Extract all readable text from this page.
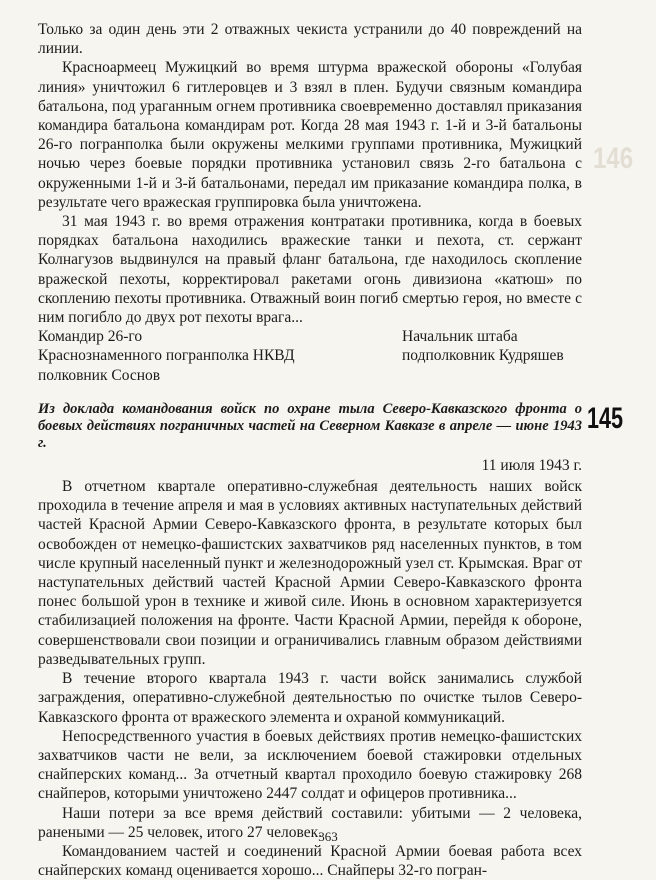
146

Только за один день эти 2 отважных чекиста устранили до 40 повреждений на линии.

Красноармеец Мужицкий во время штурма вражеской обороны «Голубая линия» уничтожил 6 гитлеровцев и 3 взял в плен. Будучи связным командира батальона, под ураганным огнем противника своевременно доставлял приказания командира батальона командирам рот. Когда 28 мая 1943 г. 1-й и 3-й батальоны 26-го погранполка были окружены мелкими группами противника, Мужицкий ночью через боевые порядки противника установил связь 2-го батальона с окруженными 1-й и 3-й батальонами, передал им приказание командира полка, в результате чего вражеская группировка была уничтожена.

31 мая 1943 г. во время отражения контратаки противника, когда в боевых порядках батальона находились вражеские танки и пехота, ст. сержант Колнагузов выдвинулся на правый фланг батальона, где находилось скопление вражеской пехоты, корректировал ракетами огонь дивизиона «катюш» по скоплению пехоты противника. Отважный воин погиб смертью героя, но вместе с ним погибло до двух рот пехоты врага...

Командир 26-го	Начальник штаба
Краснознаменного погранполка НКВД	подполковник Кудряшев
полковник Соснов
Из доклада командования войск по охране тыла Северо-Кавказского фронта о боевых действиях пограничных частей на Северном Кавказе в апреле — июне 1943 г.
11 июля 1943 г.

В отчетном квартале оперативно-служебная деятельность наших войск проходила в течение апреля и мая в условиях активных наступательных действий частей Красной Армии Северо-Кавказского фронта, в результате которых был освобожден от немецко-фашистских захватчиков ряд населенных пунктов, в том числе крупный населенный пункт и железнодорожный узел ст. Крымская. Враг от наступательных действий частей Красной Армии Северо-Кавказского фронта понес большой урон в технике и живой силе. Июнь в основном характеризуется стабилизацией положения на фронте. Части Красной Армии, перейдя к обороне, совершенствовали свои позиции и ограничивались главным образом действиями разведывательных групп.

В течение второго квартала 1943 г. части войск занимались службой заграждения, оперативно-служебной деятельностью по очистке тылов Северо-Кавказского фронта от вражеского элемента и охраной коммуникаций.

Непосредственного участия в боевых действиях против немецко-фашистских захватчиков части не вели, за исключением боевой стажировки отдельных снайперских команд... За отчетный квартал проходило боевую стажировку 268 снайперов, которыми уничтожено 2447 солдат и офицеров противника...

Наши потери за все время действий составили: убитыми — 2 человека, ранеными — 25 человек, итого 27 человек.

Командованием частей и соединений Красной Армии боевая работа всех снайперских команд оценивается хорошо... Снайперы 32-го погран-

145
363
